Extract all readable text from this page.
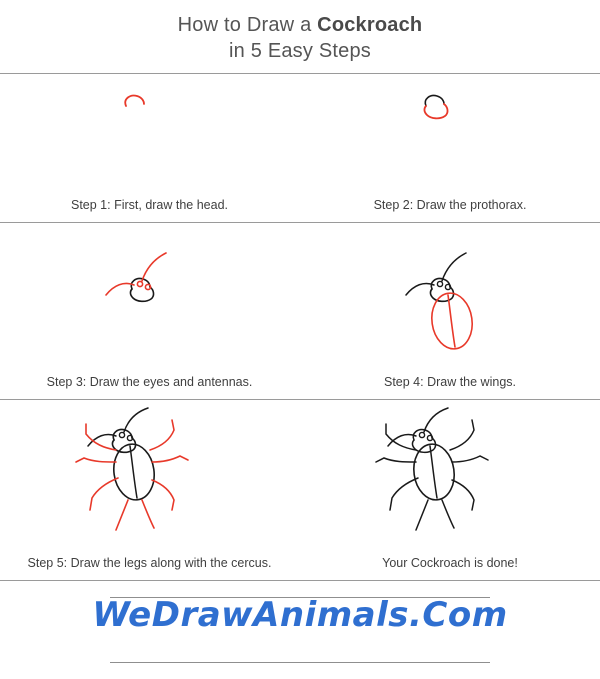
How to Draw a Cockroach
in 5 Easy Steps
Step 1: First, draw the head.	Step 2: Draw the prothorax.
Step 3: Draw the eyes and antennas.	Step 4: Draw the wings.
Step 5: Draw the legs along with the cercus.	Your Cockroach is done!
WeDrawAnimals.Com
